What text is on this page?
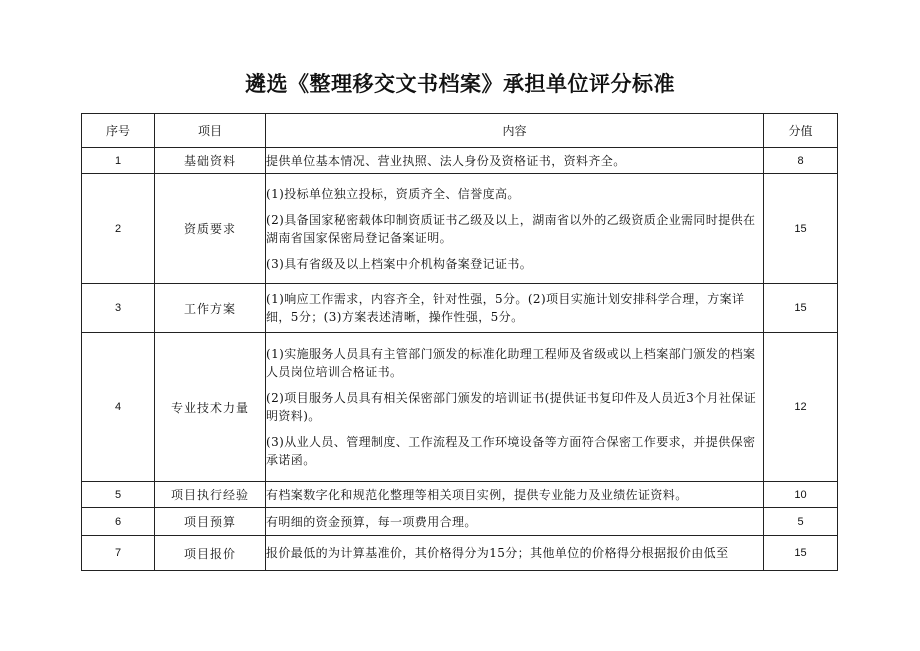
遴选《整理移交文书档案》承担单位评分标准
序号	项目	内容	分值
1	基础资料	提供单位基本情况、营业执照、法人身份及资格证书，资料齐全。	8
2	资质要求	(1)投标单位独立投标，资质齐全、信誉度高。

(2)具备国家秘密载体印制资质证书乙级及以上，湖南省以外的乙级资质企业需同时提供在湖南省国家保密局登记备案证明。

(3)具有省级及以上档案中介机构备案登记证书。	15
3	工作方案	(1)响应工作需求，内容齐全，针对性强，5分。(2)项目实施计划安排科学合理，方案详细，5分；(3)方案表述清晰，操作性强，5分。	15
4	专业技术力量	(1)实施服务人员具有主管部门颁发的标准化助理工程师及省级或以上档案部门颁发的档案人员岗位培训合格证书。

(2)项目服务人员具有相关保密部门颁发的培训证书(提供证书复印件及人员近3个月社保证明资料)。

(3)从业人员、管理制度、工作流程及工作环境设备等方面符合保密工作要求，并提供保密承诺函。	12
5	项目执行经验	有档案数字化和规范化整理等相关项目实例，提供专业能力及业绩佐证资料。	10
6	项目预算	有明细的资金预算，每一项费用合理。	5
7	项目报价	报价最低的为计算基准价，其价格得分为15分；其他单位的价格得分根据报价由低至	15
